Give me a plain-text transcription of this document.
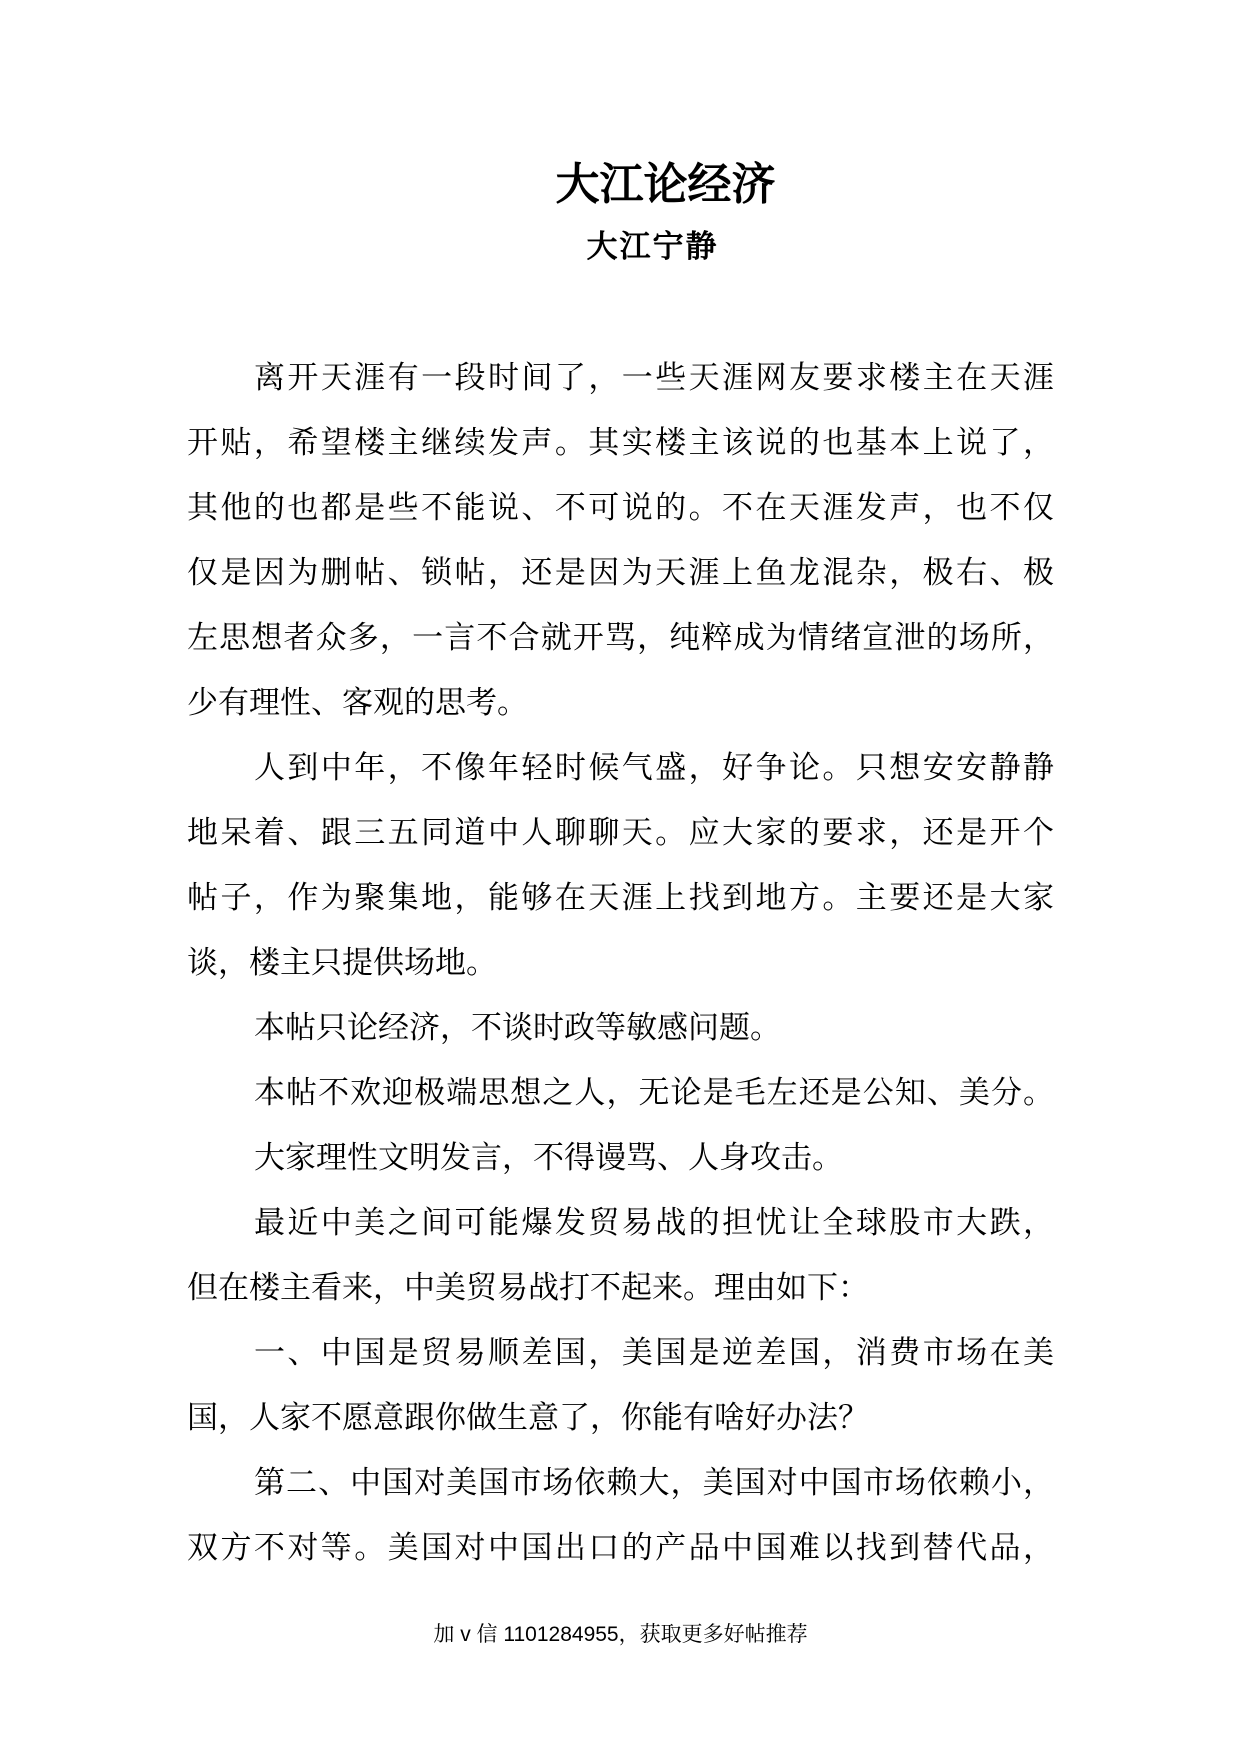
大江论经济
大江宁静
离开天涯有一段时间了，一些天涯网友要求楼主在天涯
开贴，希望楼主继续发声。其实楼主该说的也基本上说了，
其他的也都是些不能说、不可说的。不在天涯发声，也不仅
仅是因为删帖、锁帖，还是因为天涯上鱼龙混杂，极右、极
左思想者众多，一言不合就开骂，纯粹成为情绪宣泄的场所，
少有理性、客观的思考。
人到中年，不像年轻时候气盛，好争论。只想安安静静
地呆着、跟三五同道中人聊聊天。应大家的要求，还是开个
帖子，作为聚集地，能够在天涯上找到地方。主要还是大家
谈，楼主只提供场地。
本帖只论经济，不谈时政等敏感问题。
本帖不欢迎极端思想之人，无论是毛左还是公知、美分。
大家理性文明发言，不得谩骂、人身攻击。
最近中美之间可能爆发贸易战的担忧让全球股市大跌，
但在楼主看来，中美贸易战打不起来。理由如下：
一、中国是贸易顺差国，美国是逆差国，消费市场在美
国，人家不愿意跟你做生意了，你能有啥好办法？
第二、中国对美国市场依赖大，美国对中国市场依赖小，
双方不对等。美国对中国出口的产品中国难以找到替代品，
加 v 信 1101284955，获取更多好帖推荐
